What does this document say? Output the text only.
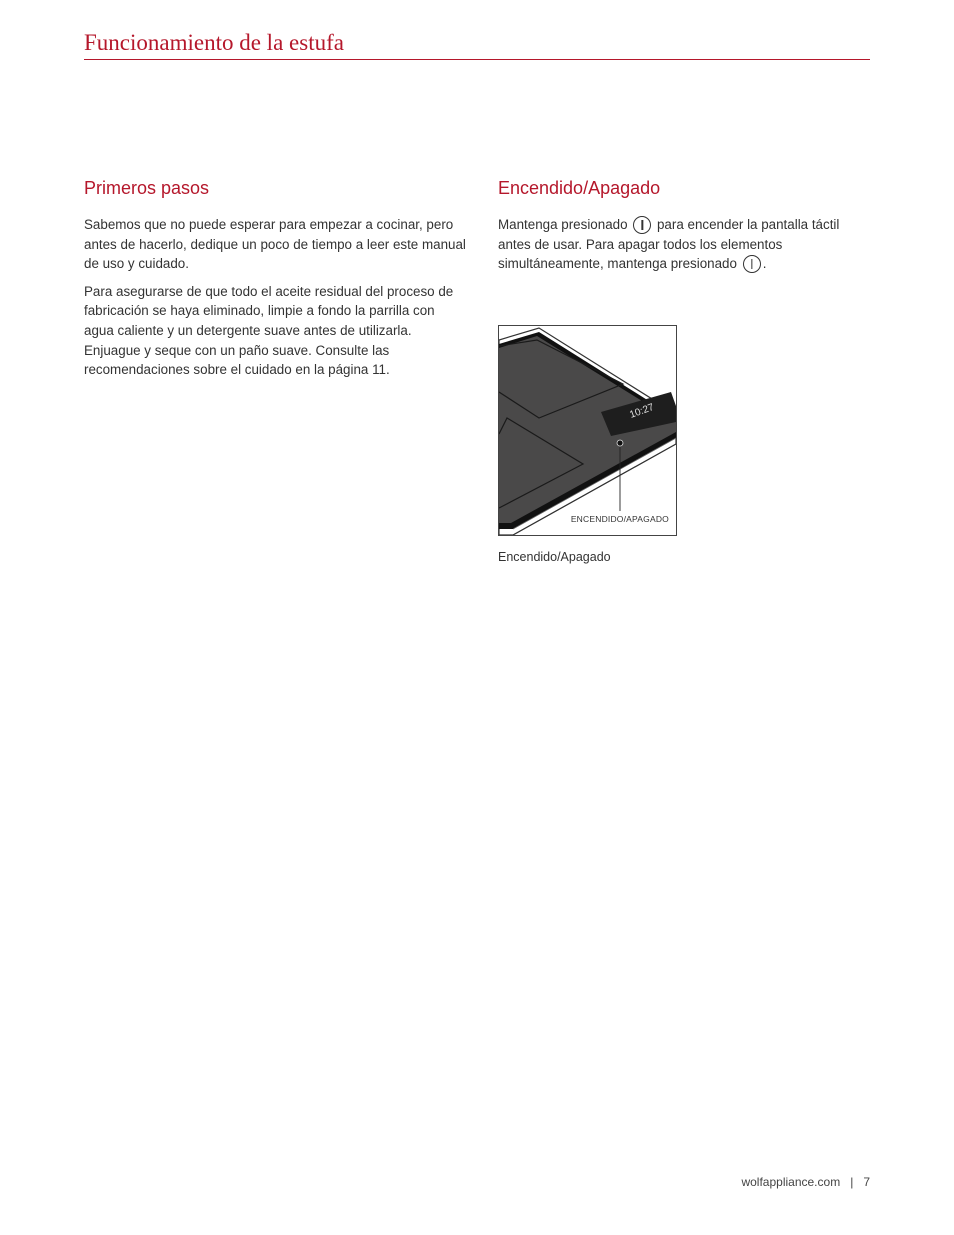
Funcionamiento de la estufa
Primeros pasos

Sabemos que no puede esperar para empezar a cocinar, pero antes de hacerlo, dedique un poco de tiempo a leer este manual de uso y cuidado.

Para asegurarse de que todo el aceite residual del proceso de fabricación se haya eliminado, limpie a fondo la parrilla con agua caliente y un detergente suave antes de utilizarla. Enjuague y seque con un paño suave. Consulte las recomendaciones sobre el cuidado en la página 11.

Encendido/Apagado

Mantenga presionado  para encender la pantalla táctil antes de usar. Para apagar todos los elementos simultáneamente, mantenga presionado .

10:27
ENCENDIDO/APAGADO

Encendido/Apagado

wolfappliance.com | 7
